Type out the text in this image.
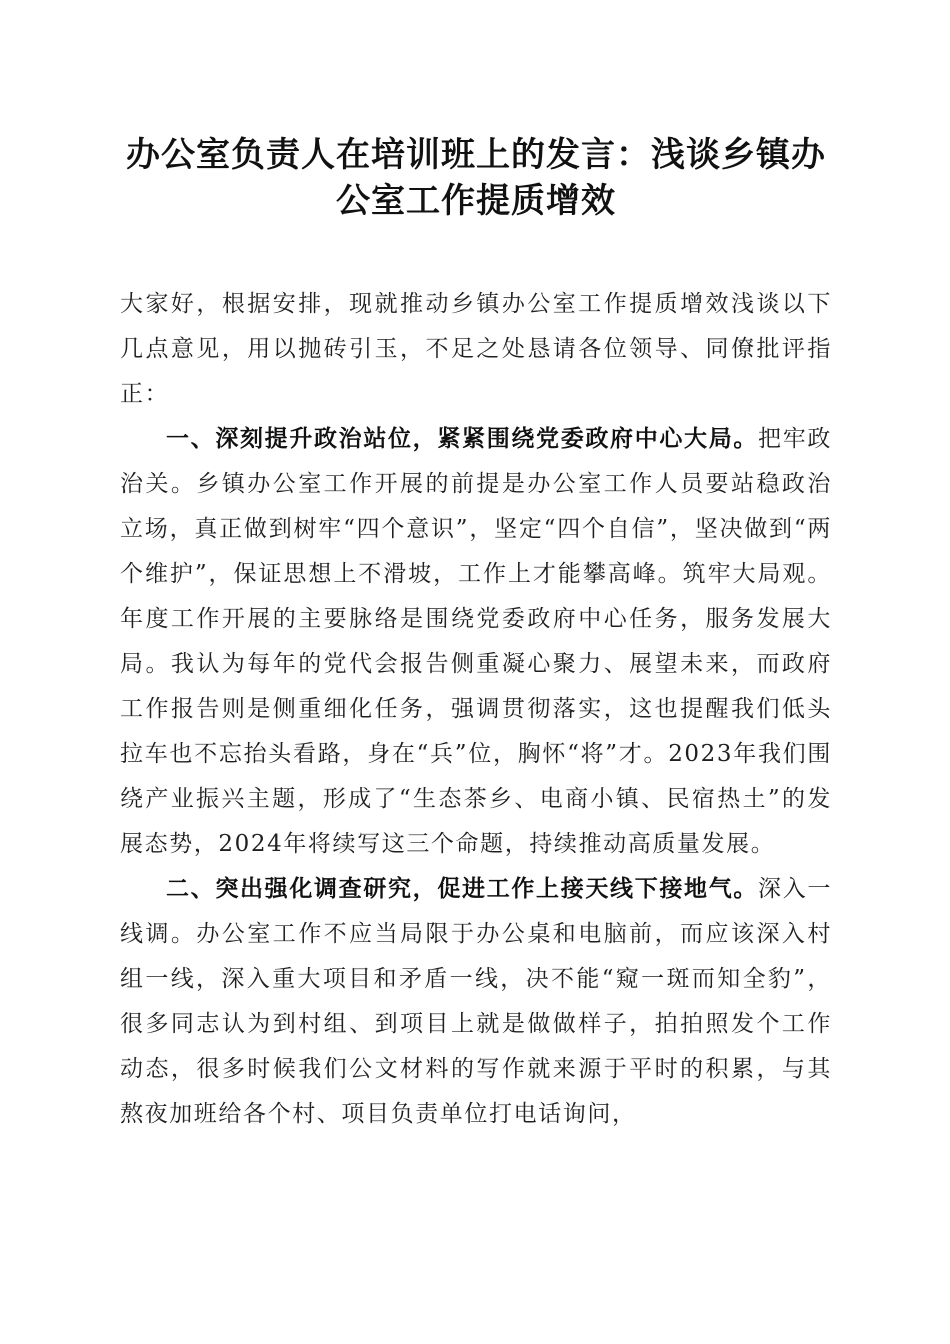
办公室负责人在培训班上的发言：浅谈乡镇办
公室工作提质增效

大家好，根据安排，现就推动乡镇办公室工作提质增效浅谈以下几点意见，用以抛砖引玉，不足之处恳请各位领导、同僚批评指正：

一、深刻提升政治站位，紧紧围绕党委政府中心大局。把牢政治关。乡镇办公室工作开展的前提是办公室工作人员要站稳政治立场，真正做到树牢“四个意识”，坚定“四个自信”，坚决做到“两个维护”，保证思想上不滑坡，工作上才能攀高峰。筑牢大局观。年度工作开展的主要脉络是围绕党委政府中心任务，服务发展大局。我认为每年的党代会报告侧重凝心聚力、展望未来，而政府工作报告则是侧重细化任务，强调贯彻落实，这也提醒我们低头拉车也不忘抬头看路，身在“兵”位，胸怀“将”才。2023年我们围绕产业振兴主题，形成了“生态茶乡、电商小镇、民宿热土”的发展态势，2024年将续写这三个命题，持续推动高质量发展。

二、突出强化调查研究，促进工作上接天线下接地气。深入一线调。办公室工作不应当局限于办公桌和电脑前，而应该深入村组一线，深入重大项目和矛盾一线，决不能“窥一斑而知全豹”，很多同志认为到村组、到项目上就是做做样子，拍拍照发个工作动态，很多时候我们公文材料的写作就来源于平时的积累，与其熬夜加班给各个村、项目负责单位打电话询问，
